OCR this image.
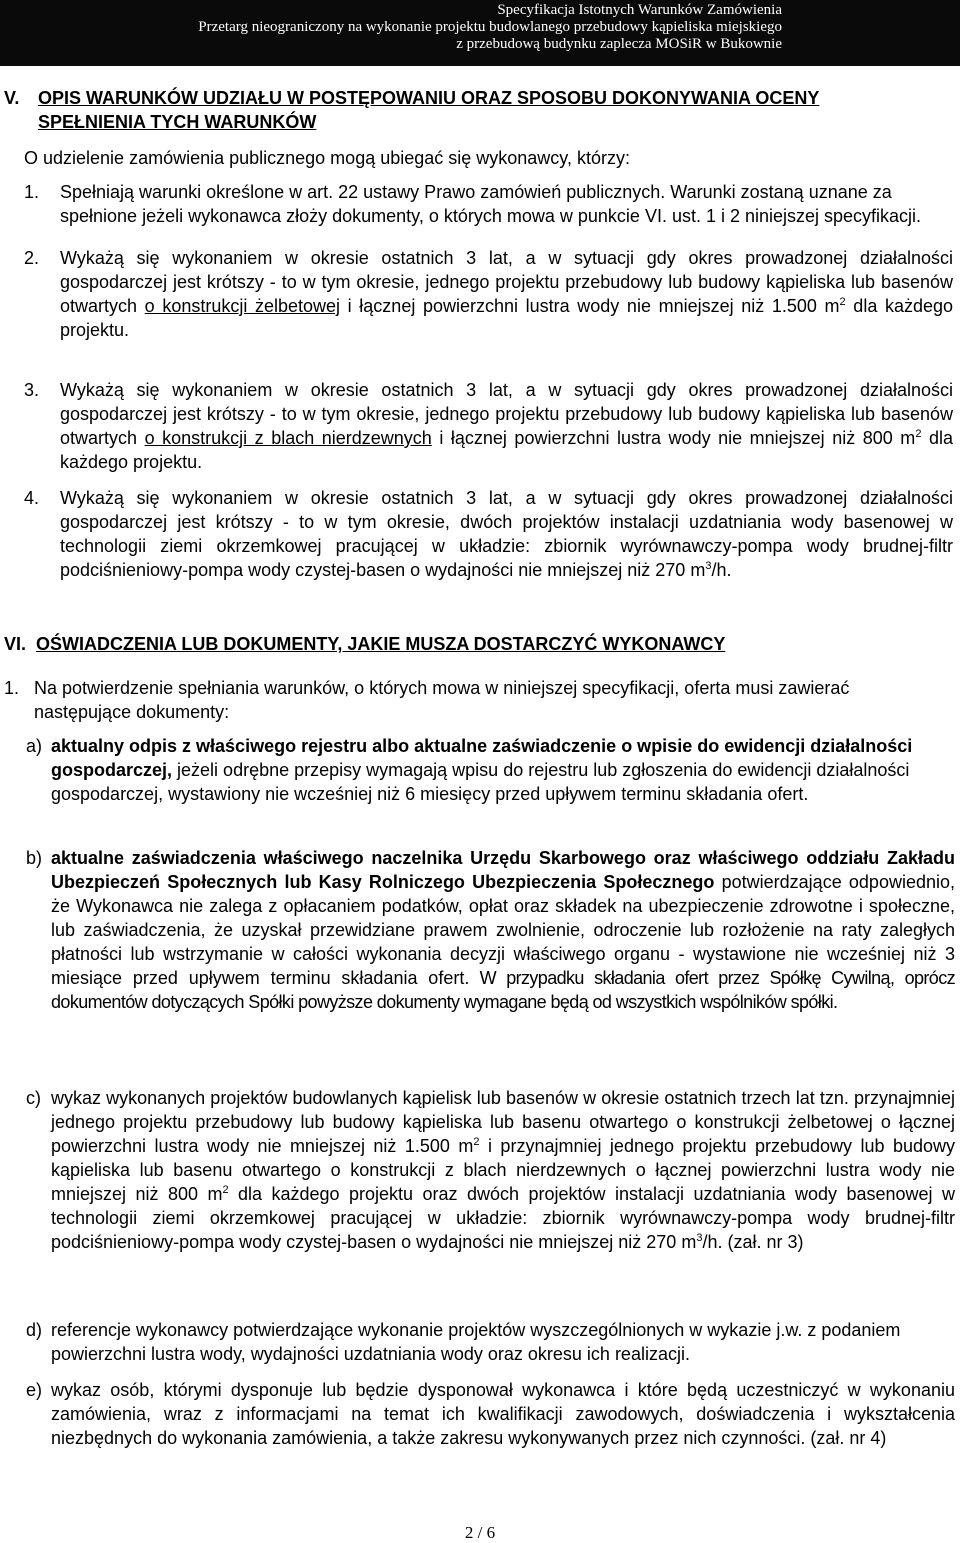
Specyfikacja Istotnych Warunków Zamówienia
Przetarg nieograniczony na wykonanie projektu budowlanego przebudowy kąpieliska miejskiego
z przebudową budynku zaplecza MOSiR w Bukownie
V. OPIS WARUNKÓW UDZIAŁU W POSTĘPOWANIU ORAZ SPOSOBU DOKONYWANIA OCENY SPEŁNIENIA TYCH WARUNKÓW
O udzielenie zamówienia publicznego mogą ubiegać się wykonawcy, którzy:
1. Spełniają warunki określone w art. 22 ustawy Prawo zamówień publicznych. Warunki zostaną uznane za spełnione jeżeli wykonawca złoży dokumenty, o których mowa w punkcie VI. ust. 1 i 2 niniejszej specyfikacji.
2. Wykażą się wykonaniem w okresie ostatnich 3 lat, a w sytuacji gdy okres prowadzonej działalności gospodarczej jest krótszy - to w tym okresie, jednego projektu przebudowy lub budowy kąpieliska lub basenów otwartych o konstrukcji żelbetowej i łącznej powierzchni lustra wody nie mniejszej niż 1.500 $m^2$ dla każdego projektu.
3. Wykażą się wykonaniem w okresie ostatnich 3 lat, a w sytuacji gdy okres prowadzonej działalności gospodarczej jest krótszy - to w tym okresie, jednego projektu przebudowy lub budowy kąpieliska lub basenów otwartych o konstrukcji z blach nierdzewnych i łącznej powierzchni lustra wody nie mniejszej niż 800 $m^2$ dla każdego projektu.
4. Wykażą się wykonaniem w okresie ostatnich 3 lat, a w sytuacji gdy okres prowadzonej działalności gospodarczej jest krótszy - to w tym okresie, dwóch projektów instalacji uzdatniania wody basenowej w technologii ziemi okrzemkowej pracującej w układzie: zbiornik wyrównawczy-pompa wody brudnej-filtr podciśnieniowy-pompa wody czystej-basen o wydajności nie mniejszej niż 270 $m^3/h$.
VI. OŚWIADCZENIA LUB DOKUMENTY, JAKIE MUSZA DOSTARCZYĆ WYKONAWCY
1. Na potwierdzenie spełniania warunków, o których mowa w niniejszej specyfikacji, oferta musi zawierać następujące dokumenty:
a) aktualny odpis z właściwego rejestru albo aktualne zaświadczenie o wpisie do ewidencji działalności gospodarczej, jeżeli odrębne przepisy wymagają wpisu do rejestru lub zgłoszenia do ewidencji działalności gospodarczej, wystawiony nie wcześniej niż 6 miesięcy przed upływem terminu składania ofert.
b) aktualne zaświadczenia właściwego naczelnika Urzędu Skarbowego oraz właściwego oddziału Zakładu Ubezpieczeń Społecznych lub Kasy Rolniczego Ubezpieczenia Społecznego potwierdzające odpowiednio, że Wykonawca nie zalega z opłacaniem podatków, opłat oraz składek na ubezpieczenie zdrowotne i społeczne, lub zaświadczenia, że uzyskał przewidziane prawem zwolnienie, odroczenie lub rozłożenie na raty zaległych płatności lub wstrzymanie w całości wykonania decyzji właściwego organu - wystawione nie wcześniej niż 3 miesiące przed upływem terminu składania ofert. W przypadku składania ofert przez Spółkę Cywilną, oprócz dokumentów dotyczących Spółki powyższe dokumenty wymagane będą od wszystkich wspólników spółki.
c) wykaz wykonanych projektów budowlanych kąpielisk lub basenów w okresie ostatnich trzech lat tzn. przynajmniej jednego projektu przebudowy lub budowy kąpieliska lub basenu otwartego o konstrukcji żelbetowej o łącznej powierzchni lustra wody nie mniejszej niż 1.500 $m^2$ i przynajmniej jednego projektu przebudowy lub budowy kąpieliska lub basenu otwartego o konstrukcji z blach nierdzewnych o łącznej powierzchni lustra wody nie mniejszej niż 800 $m^2$ dla każdego projektu oraz dwóch projektów instalacji uzdatniania wody basenowej w technologii ziemi okrzemkowej pracującej w układzie: zbiornik wyrównawczy-pompa wody brudnej-filtr podciśnieniowy-pompa wody czystej-basen o wydajności nie mniejszej niż 270 $m^3/h$. (zał. nr 3)
d) referencje wykonawcy potwierdzające wykonanie projektów wyszczególnionych w wykazie j.w. z podaniem powierzchni lustra wody, wydajności uzdatniania wody oraz okresu ich realizacji.
e) wykaz osób, którymi dysponuje lub będzie dysponował wykonawca i które będą uczestniczyć w wykonaniu zamówienia, wraz z informacjami na temat ich kwalifikacji zawodowych, doświadczenia i wykształcenia niezbędnych do wykonania zamówienia, a także zakresu wykonywanych przez nich czynności. (zał. nr 4)
2 / 6
